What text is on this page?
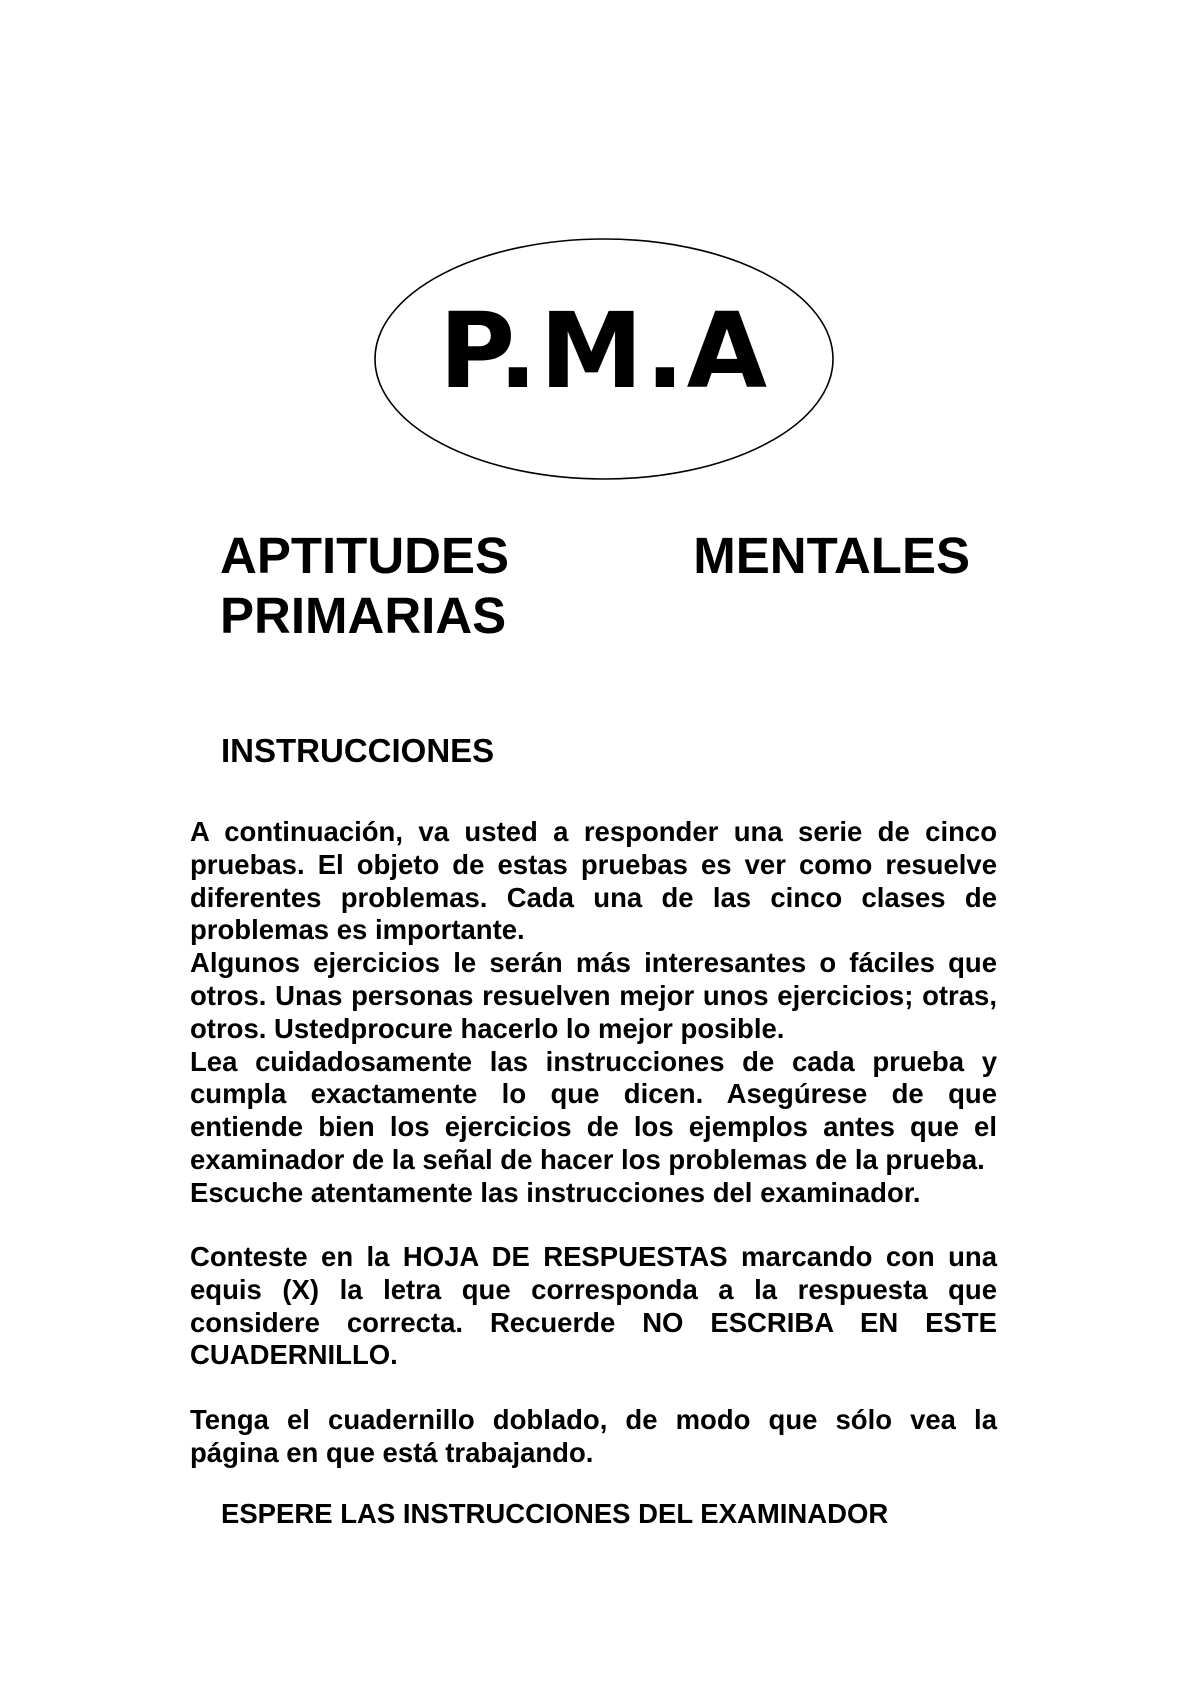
P.M.A
APTITUDES	MENTALES
PRIMARIAS
INSTRUCCIONES

A continuación, va usted a responder una serie de cinco pruebas. El objeto de estas pruebas es ver como resuelve diferentes problemas. Cada una de las cinco clases de problemas es importante.

Algunos ejercicios le serán más interesantes o fáciles que otros. Unas personas resuelven mejor unos ejercicios; otras, otros. Ustedprocure hacerlo lo mejor posible.

Lea cuidadosamente las instrucciones de cada prueba y cumpla exactamente lo que dicen. Asegúrese de que entiende bien los ejercicios de los ejemplos antes que el examinador de la señal de hacer los problemas de la prueba.

Escuche atentamente las instrucciones del examinador.

Conteste en la HOJA DE RESPUESTAS marcando con una equis (X) la letra que corresponda a la respuesta que considere correcta. Recuerde NO ESCRIBA EN ESTE CUADERNILLO.

Tenga el cuadernillo doblado, de modo que sólo vea la página en que está trabajando.

ESPERE LAS INSTRUCCIONES DEL EXAMINADOR
